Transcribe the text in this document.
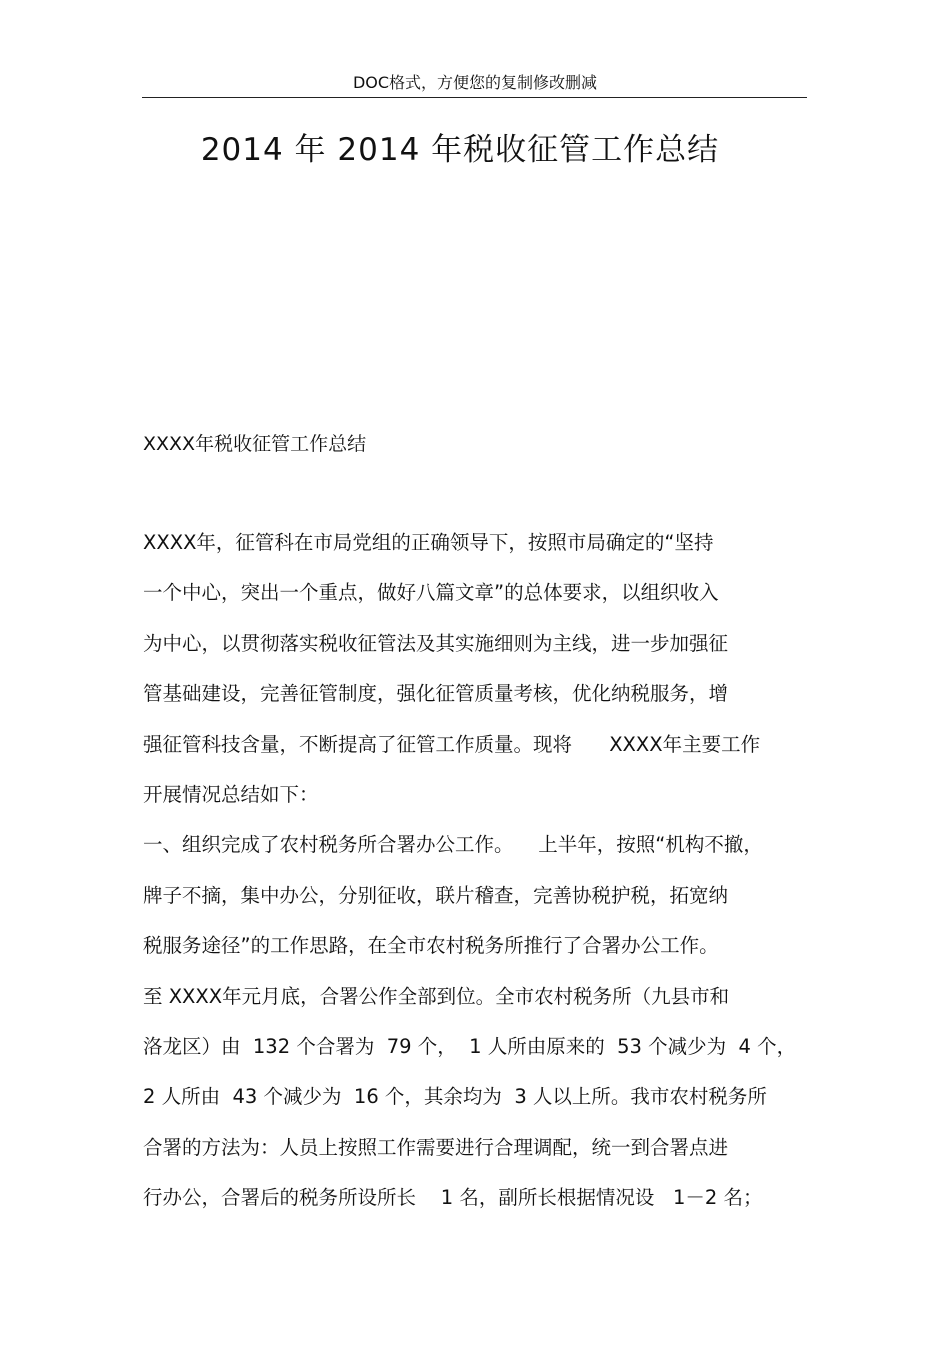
DOC格式，方便您的复制修改删减
2014 年 2014 年税收征管工作总结
XXXX年税收征管工作总结
XXXX年，征管科在市局党组的正确领导下，按照市局确定的“坚持
一个中心，突出一个重点，做好八篇文章”的总体要求，以组织收入
为中心，以贯彻落实税收征管法及其实施细则为主线，进一步加强征
管基础建设，完善征管制度，强化征管质量考核，优化纳税服务，增
强征管科技含量，不断提高了征管工作质量。现将      XXXX年主要工作
开展情况总结如下：
一、组织完成了农村税务所合署办公工作。    上半年，按照“机构不撤，
牌子不摘，集中办公，分别征收，联片稽查，完善协税护税，拓宽纳
税服务途径”的工作思路，在全市农村税务所推行了合署办公工作。
至 XXXX年元月底，合署公作全部到位。全市农村税务所（九县市和
洛龙区）由  132 个合署为  79 个，  1 人所由原来的  53 个减少为  4 个，
2 人所由  43 个减少为  16 个，其余均为  3 人以上所。我市农村税务所
合署的方法为：人员上按照工作需要进行合理调配，统一到合署点进
行办公，合署后的税务所设所长    1 名，副所长根据情况设   1－2 名；
